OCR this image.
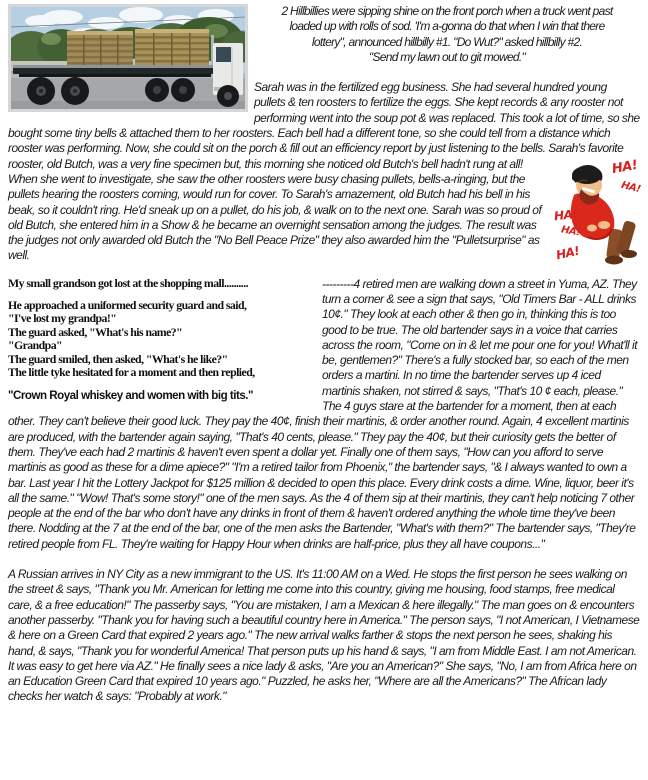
2 Hillbillies were sipping shine on the front porch when a truck went past
loaded up with rolls of sod. 'I'm a-gonna do that when I win that there
lottery", announced hillbilly #1. "Do Wut?" asked hillbilly #2.
"Send my lawn out to git mowed."

Sarah was in the fertilized egg business. She had several hundred young pullets & ten roosters to fertilize the eggs. She kept records & any rooster not performing went into the soup pot & was replaced. This took a lot of time, so she bought some tiny bells & attached them to her roosters. Each bell had a different tone, so she could tell from a distance which rooster was performing. Now, she could sit on the porch & fill out an efficiency report by just listening to the bells. Sarah's favorite rooster, old Butch, was a very fine specimen but, this morning she noticed old	HA!
HA!
HA!
HA!
HA!
Butch's bell hadn't rung at all! When she went to investigate, she saw the other roosters were busy chasing pullets, bells-a-ringing, but the pullets hearing the roosters coming, would run for cover. To Sarah's amazement, old Butch had his bell in his beak, so it couldn't ring. He'd sneak up on a pullet, do his job, & walk on to the next one. Sarah was so proud of old Butch, she entered him in a Show & he became an overnight sensation among the judges. The result was the judges not only awarded old Butch the "No Bell Peace Prize" they also awarded him the "Pulletsurprise" as well.

My small grandson got lost at the shopping mall..........
He approached a uniformed security guard and said,
"I've lost my grandpa!"
The guard asked, "What's his name?"
"Grandpa"
The guard smiled, then asked, "What's he like?"
The little tyke hesitated for a moment and then replied,
"Crown Royal whiskey and women with big tits."

---------4 retired men are walking down a street in Yuma, AZ. They turn a corner & see a sign that says, "Old Timers Bar - ALL drinks 10¢." They look at each other & then go in, thinking this is too good to be true. The old bartender says in a voice that carries across the room, "Come on in & let me pour one for you! What'll it be, gentlemen?" There's a fully stocked bar, so each of the men orders a martini. In no time the bartender serves up 4 iced martinis shaken, not stirred & says, "That's 10 ¢ each, please." The 4 guys stare at the bartender for a moment, then at each other. They can't believe their good luck. They pay the 40¢, finish their martinis, & order another round. Again, 4 excellent martinis are produced, with the bartender again saying, "That's 40 cents, please." They pay the 40¢, but their curiosity gets the better of them. They've each had 2 martinis & haven't even spent a dollar yet. Finally one of them says, "How can you afford to serve martinis as good as these for a dime apiece?" "I'm a retired tailor from Phoenix," the bartender says, "& I always wanted to own a bar. Last year I hit the Lottery Jackpot for $125 million & decided to open this place. Every drink costs a dime. Wine, liquor, beer it's all the same." "Wow! That's some story!" one of the men says. As the 4 of them sip at their martinis, they can't help noticing 7 other people at the end of the bar who don't have any drinks in front of them & haven't ordered anything the whole time they've been there. Nodding at the 7 at the end of the bar, one of the men asks the Bartender, "What's with them?" The bartender says, "They're retired people from FL. They're waiting for Happy Hour when drinks are half-price, plus they all have coupons..."

A Russian arrives in NY City as a new immigrant to the US. It's 11:00 AM on a Wed. He stops the first person he sees walking on the street & says, "Thank you Mr. American for letting me come into this country, giving me housing, food stamps, free medical care, & a free education!" The passerby says, "You are mistaken, I am a Mexican & here illegally." The man goes on & encounters another passerby. "Thank you for having such a beautiful country here in America." The person says, "I not American, I Vietnamese & here on a Green Card that expired 2 years ago." The new arrival walks farther & stops the next person he sees, shaking his hand, & says, "Thank you for wonderful America! That person puts up his hand & says, "I am from Middle East. I am not American. It was easy to get here via AZ." He finally sees a nice lady & asks, "Are you an American?" She says, "No, I am from Africa here on an Education Green Card that expired 10 years ago." Puzzled, he asks her, "Where are all the Americans?" The African lady checks her watch & says: "Probably at work."
